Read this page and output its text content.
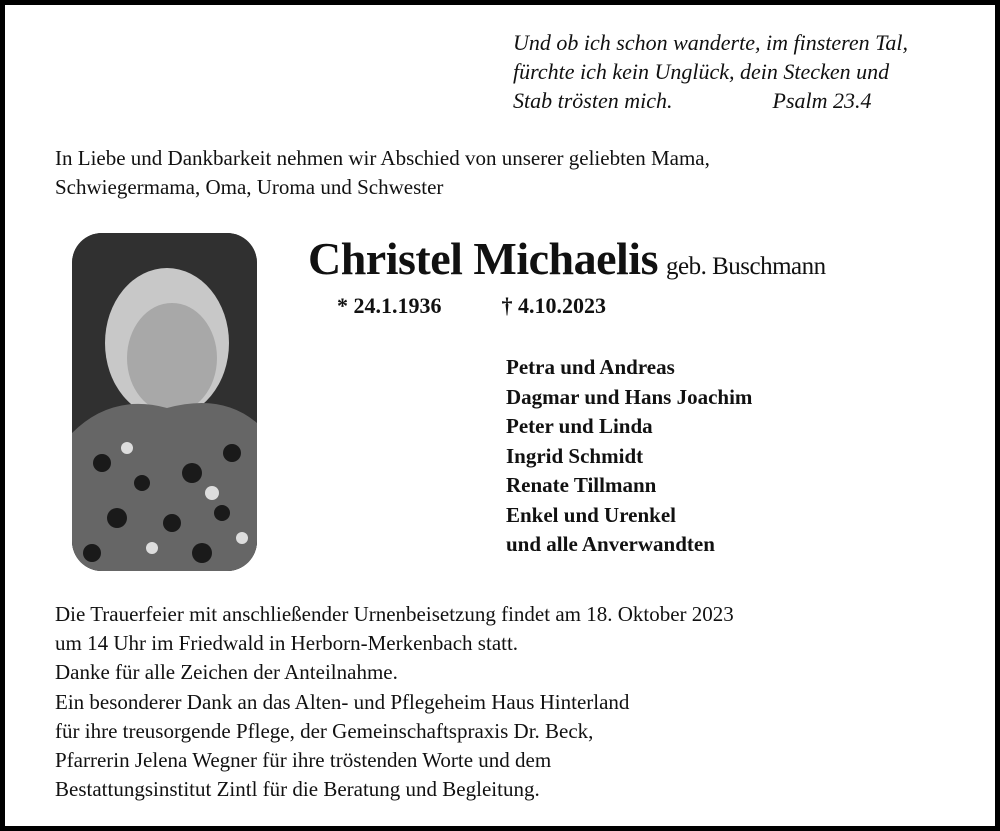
Und ob ich schon wanderte, im finsteren Tal,
fürchte ich kein Unglück, dein Stecken und
Stab trösten mich.	Psalm 23.4
In Liebe und Dankbarkeit nehmen wir Abschied von unserer geliebten Mama,
Schwiegermama, Oma, Uroma und Schwester
Christel Michaelis geb. Buschmann
* 24.1.1936	† 4.10.2023
Petra und Andreas
Dagmar und Hans Joachim
Peter und Linda
Ingrid Schmidt
Renate Tillmann
Enkel und Urenkel
und alle Anverwandten
Die Trauerfeier mit anschließender Urnenbeisetzung findet am 18. Oktober 2023
um 14 Uhr im Friedwald in Herborn-Merkenbach statt.
Danke für alle Zeichen der Anteilnahme.
Ein besonderer Dank an das Alten- und Pflegeheim Haus Hinterland
für ihre treusorgende Pflege, der Gemeinschaftspraxis Dr. Beck,
Pfarrerin Jelena Wegner für ihre tröstenden Worte und dem
Bestattungsinstitut Zintl für die Beratung und Begleitung.
